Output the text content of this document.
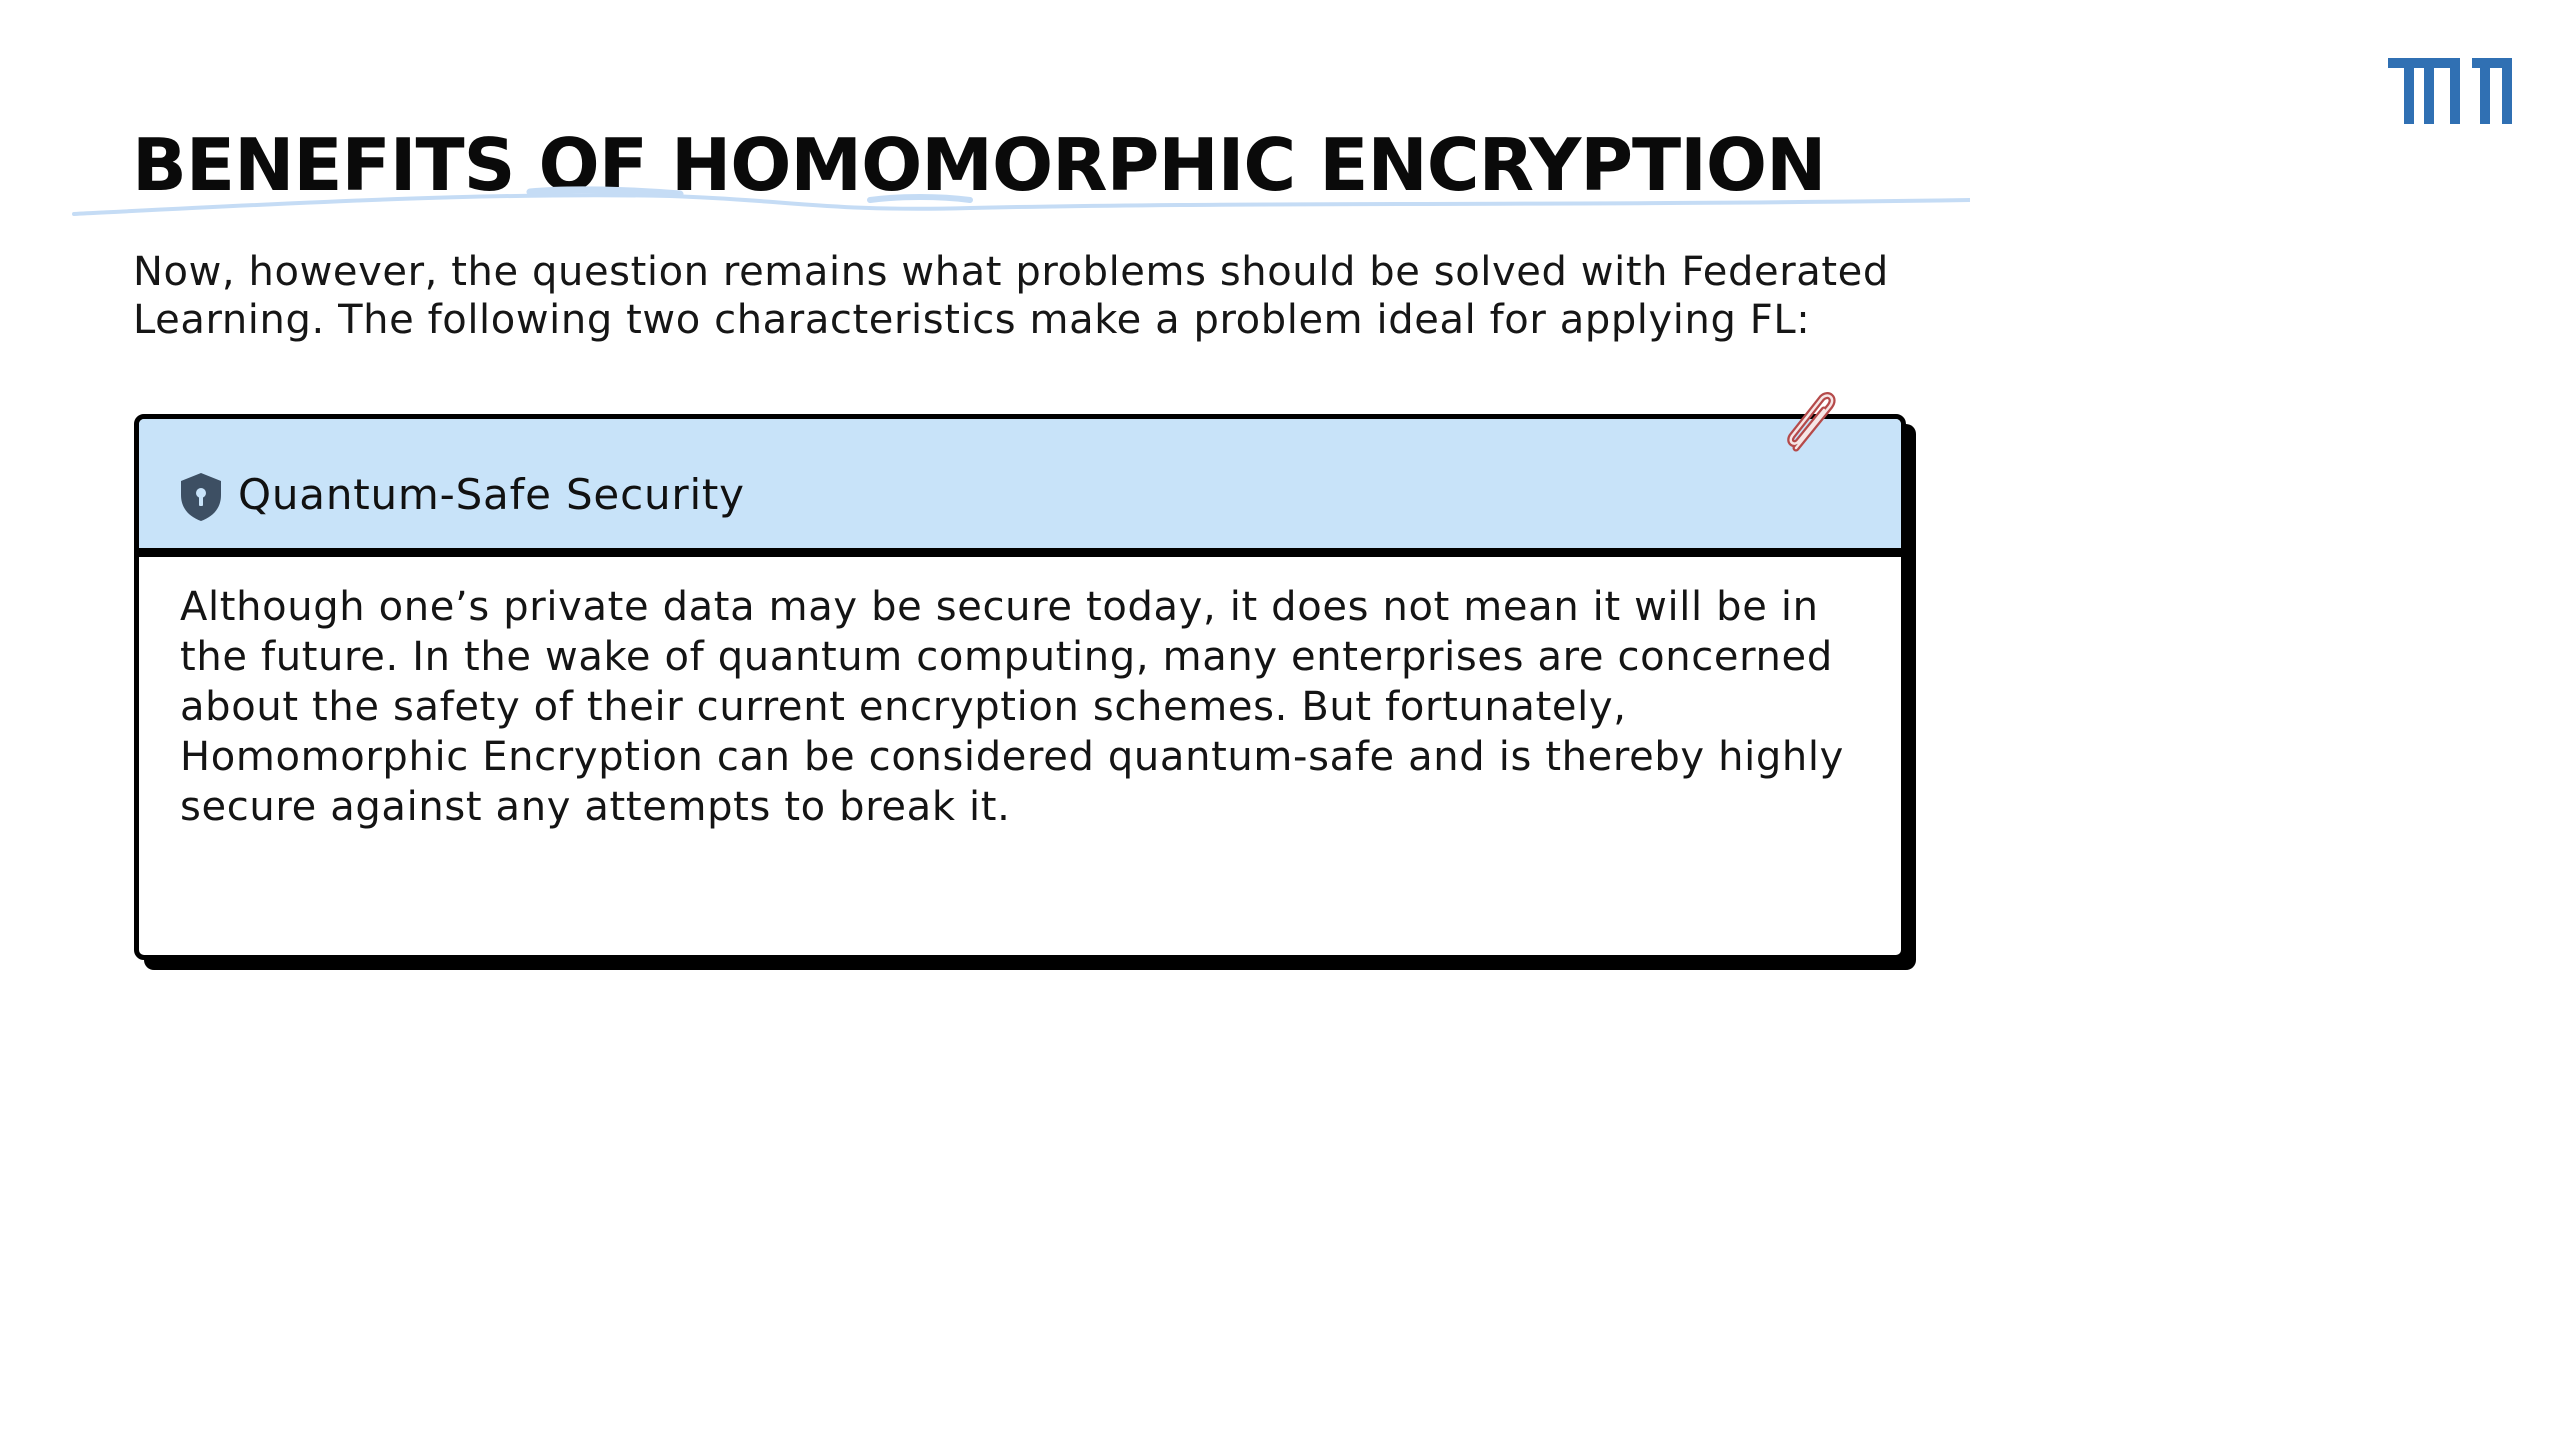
BENEFITS OF HOMOMORPHIC ENCRYPTION

Now, however, the question remains what problems should be solved with Federated Learning. The following two characteristics make a problem ideal for applying FL:

Quantum-Safe Security

Although one’s private data may be secure today, it does not mean it will be in the future. In the wake of quantum computing, many enterprises are concerned about the safety of their current encryption schemes. But fortunately, Homomorphic Encryption can be considered quantum-safe and is thereby highly secure against any attempts to break it.
